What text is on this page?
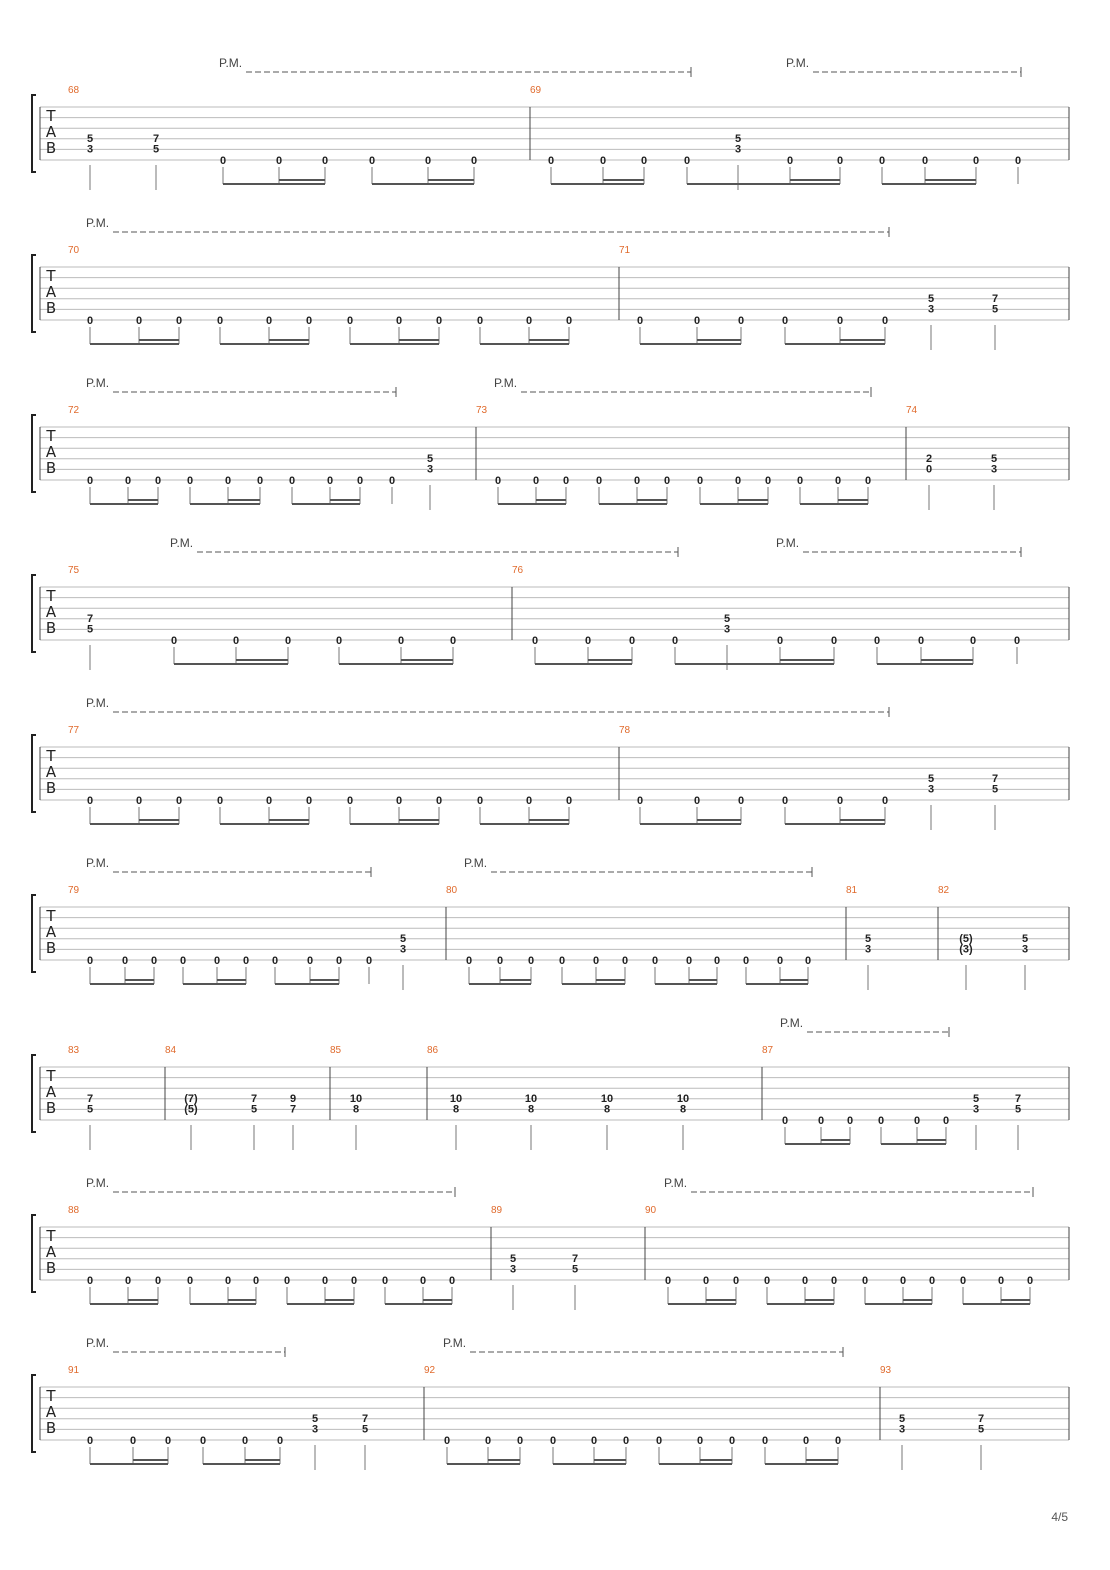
T
A
B
P.M.	P.M.
68
5
3
7
5
0	0	0	0	0	0
69
0	0	0	0
5
3
0	0	0	0	0	0
T
A
B
P.M.
70
0	0	0	0	0	0	0	0	0	0	0	0
71
0	0	0	0	0	0
5
3
7
5
T
A
B
P.M.	P.M.
72
0	0 0 0	0 0 0	0 0 0
5
3
73
0	0 0 0	0 0 0	0 0 0	0 0
74
2
0
5
3
T
A
B
P.M.	P.M.
75
7
5
0	0	0	0	0	0
76
0	0	0	0
5
3
0	0	0	0	0	0
T
A
B
P.M.
77
0	0	0	0	0	0	0	0	0	0	0	0
78
0	0	0	0	0	0
5
3
7
5
T
A
B
P.M.	P.M.
79
0	0 0 0	0 0 0	0 0 0
5
3
80
0 0 0 0	0 0 0	0 0 0	0 0
81
5
3
82
(5)
(3)
5
3
T
A
B
P.M.
83
7
5
84
(7)
(5)
7
5
9
7
85
10
8
86
10
8
10
8
10
8
10
8
87
0	0 0 0	0 0
5
3
7
5
T
A
B
P.M.	P.M.
88
0	0 0 0	0 0 0	0 0 0	0 0
89
5
3
7
5
90
0	0 0 0	0 0 0	0 0 0	0 0
T
A
B
P.M.	P.M.
91
0	0	0	0	0	0
5
3
7
5
92
0	0 0 0	0 0 0	0 0 0	0 0
93
5
3
7
5
4/5
